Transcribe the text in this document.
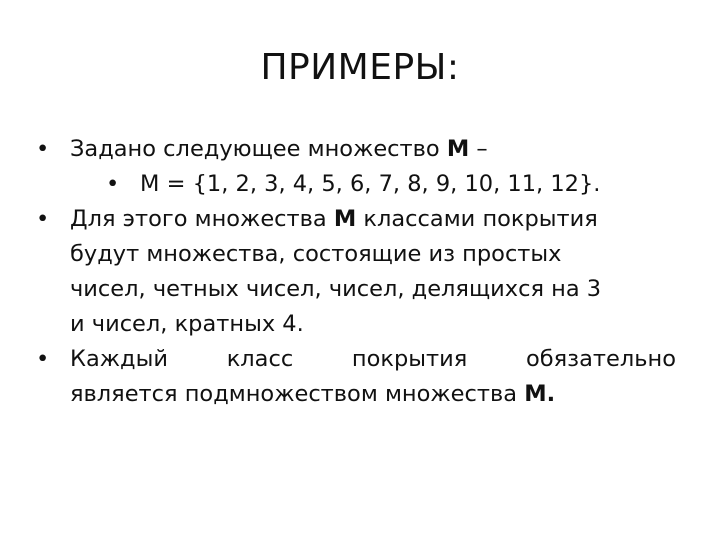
ПРИМЕРЫ:
• Задано следующее множество М –
• М = {1, 2, 3, 4, 5, 6, 7, 8, 9, 10, 11, 12}.
• Для этого множества М классами покрытия
будут множества, состоящие из простых
чисел, четных чисел, чисел, делящихся на 3
и чисел, кратных 4.
• Каждый класс покрытия обязательно
является подмножеством множества М.
